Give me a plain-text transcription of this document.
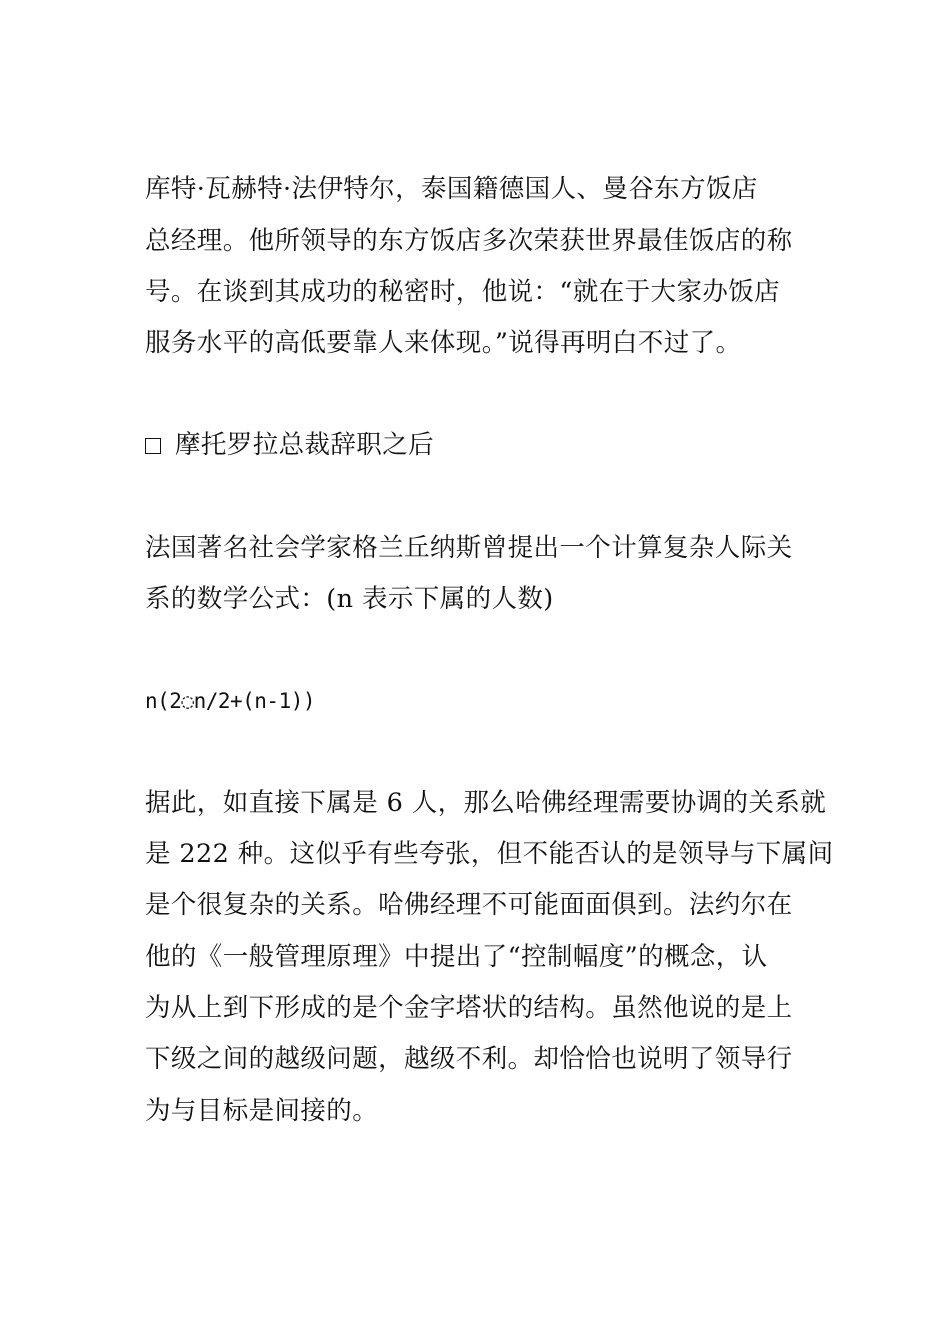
库特·瓦赫特·法伊特尔，泰国籍德国人、曼谷东方饭店
总经理。他所领导的东方饭店多次荣获世界最佳饭店的称
号。在谈到其成功的秘密时，他说：“就在于大家办饭店
服务水平的高低要靠人来体现。”说得再明白不过了。
摩托罗拉总裁辞职之后
法国著名社会学家格兰丘纳斯曾提出一个计算复杂人际关
系的数学公式：(n 表示下属的人数)
n(2◌n/2+(n-1))
据此，如直接下属是 6 人，那么哈佛经理需要协调的关系就
是 222 种。这似乎有些夸张，但不能否认的是领导与下属间
是个很复杂的关系。哈佛经理不可能面面俱到。法约尔在
他的《一般管理原理》中提出了“控制幅度”的概念，认
为从上到下形成的是个金字塔状的结构。虽然他说的是上
下级之间的越级问题，越级不利。却恰恰也说明了领导行
为与目标是间接的。
